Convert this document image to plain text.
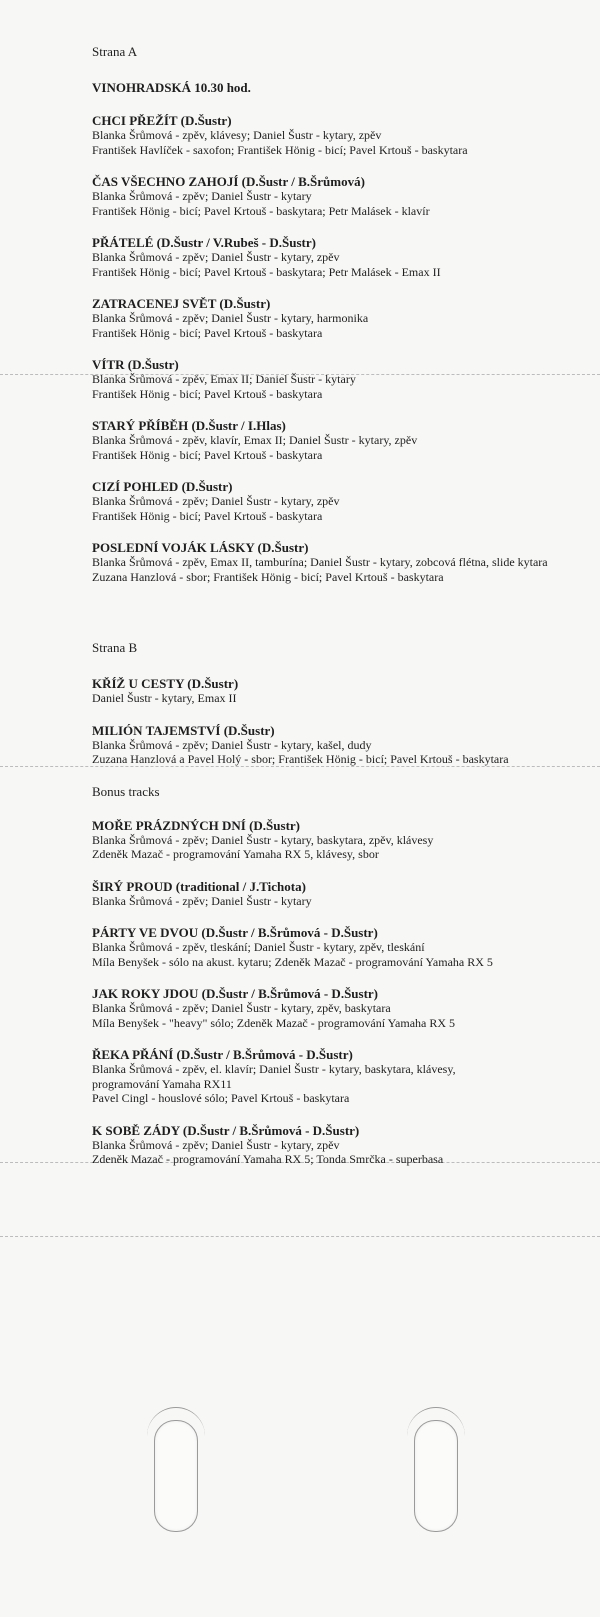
Strana A
VINOHRADSKÁ 10.30 hod.
CHCI PŘEŽÍT (D.Šustr)
Blanka Šrůmová - zpěv, klávesy; Daniel Šustr - kytary, zpěv
František Havlíček - saxofon; František Hönig - bicí; Pavel Krtouš - baskytara
ČAS VŠECHNO ZAHOJÍ (D.Šustr / B.Šrůmová)
Blanka Šrůmová - zpěv; Daniel Šustr - kytary
František Hönig - bicí; Pavel Krtouš - baskytara; Petr Malásek - klavír
PŘÁTELÉ (D.Šustr / V.Rubeš - D.Šustr)
Blanka Šrůmová - zpěv; Daniel Šustr - kytary, zpěv
František Hönig - bicí; Pavel Krtouš - baskytara; Petr Malásek - Emax II
ZATRACENEJ SVĚT (D.Šustr)
Blanka Šrůmová - zpěv; Daniel Šustr - kytary, harmonika
František Hönig - bicí; Pavel Krtouš - baskytara
VÍTR (D.Šustr)
Blanka Šrůmová - zpěv, Emax II; Daniel Šustr - kytary
František Hönig - bicí; Pavel Krtouš - baskytara
STARÝ PŘÍBĚH (D.Šustr / I.Hlas)
Blanka Šrůmová - zpěv, klavír, Emax II; Daniel Šustr - kytary, zpěv
František Hönig - bicí; Pavel Krtouš - baskytara
CIZÍ POHLED (D.Šustr)
Blanka Šrůmová - zpěv; Daniel Šustr - kytary, zpěv
František Hönig - bicí; Pavel Krtouš - baskytara
POSLEDNÍ VOJÁK LÁSKY (D.Šustr)
Blanka Šrůmová - zpěv, Emax II, tamburína; Daniel Šustr - kytary, zobcová flétna, slide kytara
Zuzana Hanzlová - sbor; František Hönig - bicí; Pavel Krtouš - baskytara
Strana B
KŘÍŽ U CESTY (D.Šustr)
Daniel Šustr - kytary, Emax II
MILIÓN TAJEMSTVÍ (D.Šustr)
Blanka Šrůmová - zpěv; Daniel Šustr - kytary, kašel, dudy
Zuzana Hanzlová a Pavel Holý - sbor; František Hönig - bicí; Pavel Krtouš - baskytara
Bonus tracks
MOŘE PRÁZDNÝCH DNÍ (D.Šustr)
Blanka Šrůmová - zpěv; Daniel Šustr - kytary, baskytara, zpěv, klávesy
Zdeněk Mazač - programování Yamaha RX 5, klávesy, sbor
ŠIRÝ PROUD (traditional / J.Tichota)
Blanka Šrůmová - zpěv; Daniel Šustr - kytary
PÁRTY VE DVOU (D.Šustr / B.Šrůmová - D.Šustr)
Blanka Šrůmová - zpěv, tleskání; Daniel Šustr - kytary, zpěv, tleskání
Míla Benyšek - sólo na akust. kytaru; Zdeněk Mazač - programování Yamaha RX 5
JAK ROKY JDOU (D.Šustr / B.Šrůmová - D.Šustr)
Blanka Šrůmová - zpěv; Daniel Šustr - kytary, zpěv, baskytara
Míla Benyšek - "heavy" sólo; Zdeněk Mazač - programování Yamaha RX 5
ŘEKA PŘÁNÍ (D.Šustr / B.Šrůmová - D.Šustr)
Blanka Šrůmová - zpěv, el. klavír; Daniel Šustr - kytary, baskytara, klávesy,
programování Yamaha RX11
Pavel Cingl - houslové sólo; Pavel Krtouš - baskytara
K SOBĚ ZÁDY (D.Šustr / B.Šrůmová - D.Šustr)
Blanka Šrůmová - zpěv; Daniel Šustr - kytary, zpěv
Zdeněk Mazač - programování Yamaha RX 5; Tonda Smrčka - superbasa
